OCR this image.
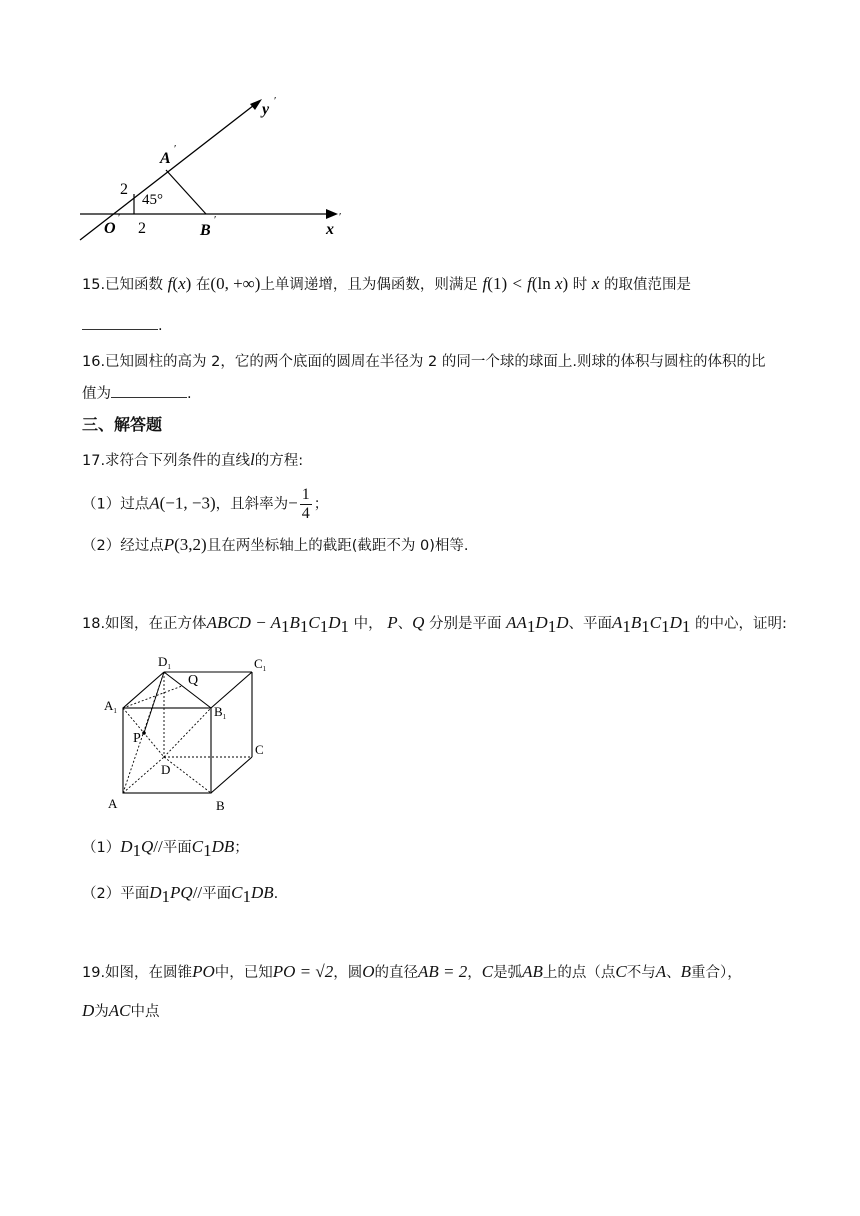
y ′
A
′
2
45°
O
′
2	B
′
x
′
15.已知函数 f(x) 在(0, +∞)上单调递增，且为偶函数，则满足 f(1) < f(ln x) 时 x 的取值范围是
.
16.已知圆柱的高为 2，它的两个底面的圆周在半径为 2 的同一个球的球面上.则球的体积与圆柱的体积的比
值为	.
三、解答题
17.求符合下列条件的直线l的方程:
（1）过点A(−1, −3)，且斜率为− $\frac{1}{4}$ ；
（2）经过点P(3,2)且在两坐标轴上的截距(截距不为 0)相等.
18.如图，在正方体ABCD − $A_1B_1C_1D_1$ 中， P、Q 分别是平面 $AA_1D_1D$、平面$A_1B_1C_1D_1$ 的中心，证明:
$D_1$	$C_1$
Q
$A_1$	$B_1$
P
C
D
A	B
$(1)D_1Q//$平面$C_1DB$；
（2）平面$D_1PQ//$平面$C_1DB$.
19.如图，在圆锥PO中，已知PO = √2，圆O的直径AB = 2，C是弧AB上的点（点C不与A、B重合），
D为AC中点
